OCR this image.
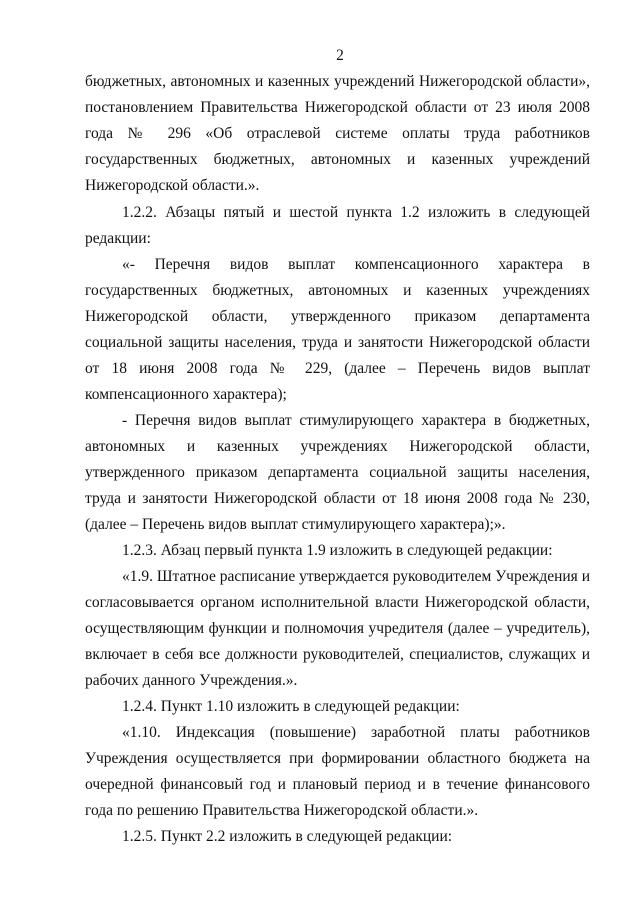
2
бюджетных, автономных и казенных учреждений Нижегородской области»,
постановлением Правительства Нижегородской области от 23 июля 2008
года № 296 «Об отраслевой системе оплаты труда работников
государственных бюджетных, автономных и казенных учреждений
Нижегородской области.».
1.2.2. Абзацы пятый и шестой пункта 1.2 изложить в следующей
редакции:
«- Перечня видов выплат компенсационного характера в
государственных бюджетных, автономных и казенных учреждениях
Нижегородской области, утвержденного приказом департамента
социальной защиты населения, труда и занятости Нижегородской области
от 18 июня 2008 года № 229, (далее – Перечень видов выплат
компенсационного характера);
- Перечня видов выплат стимулирующего характера в бюджетных,
автономных и казенных учреждениях Нижегородской области,
утвержденного приказом департамента социальной защиты населения,
труда и занятости Нижегородской области от 18 июня 2008 года № 230,
(далее – Перечень видов выплат стимулирующего характера);».
1.2.3. Абзац первый пункта 1.9 изложить в следующей редакции:
«1.9. Штатное расписание утверждается руководителем Учреждения и
согласовывается органом исполнительной власти Нижегородской области,
осуществляющим функции и полномочия учредителя (далее – учредитель),
включает в себя все должности руководителей, специалистов, служащих и
рабочих данного Учреждения.».
1.2.4. Пункт 1.10 изложить в следующей редакции:
«1.10. Индексация (повышение) заработной платы работников
Учреждения осуществляется при формировании областного бюджета на
очередной финансовый год и плановый период и в течение финансового
года по решению Правительства Нижегородской области.».
1.2.5. Пункт 2.2 изложить в следующей редакции:
